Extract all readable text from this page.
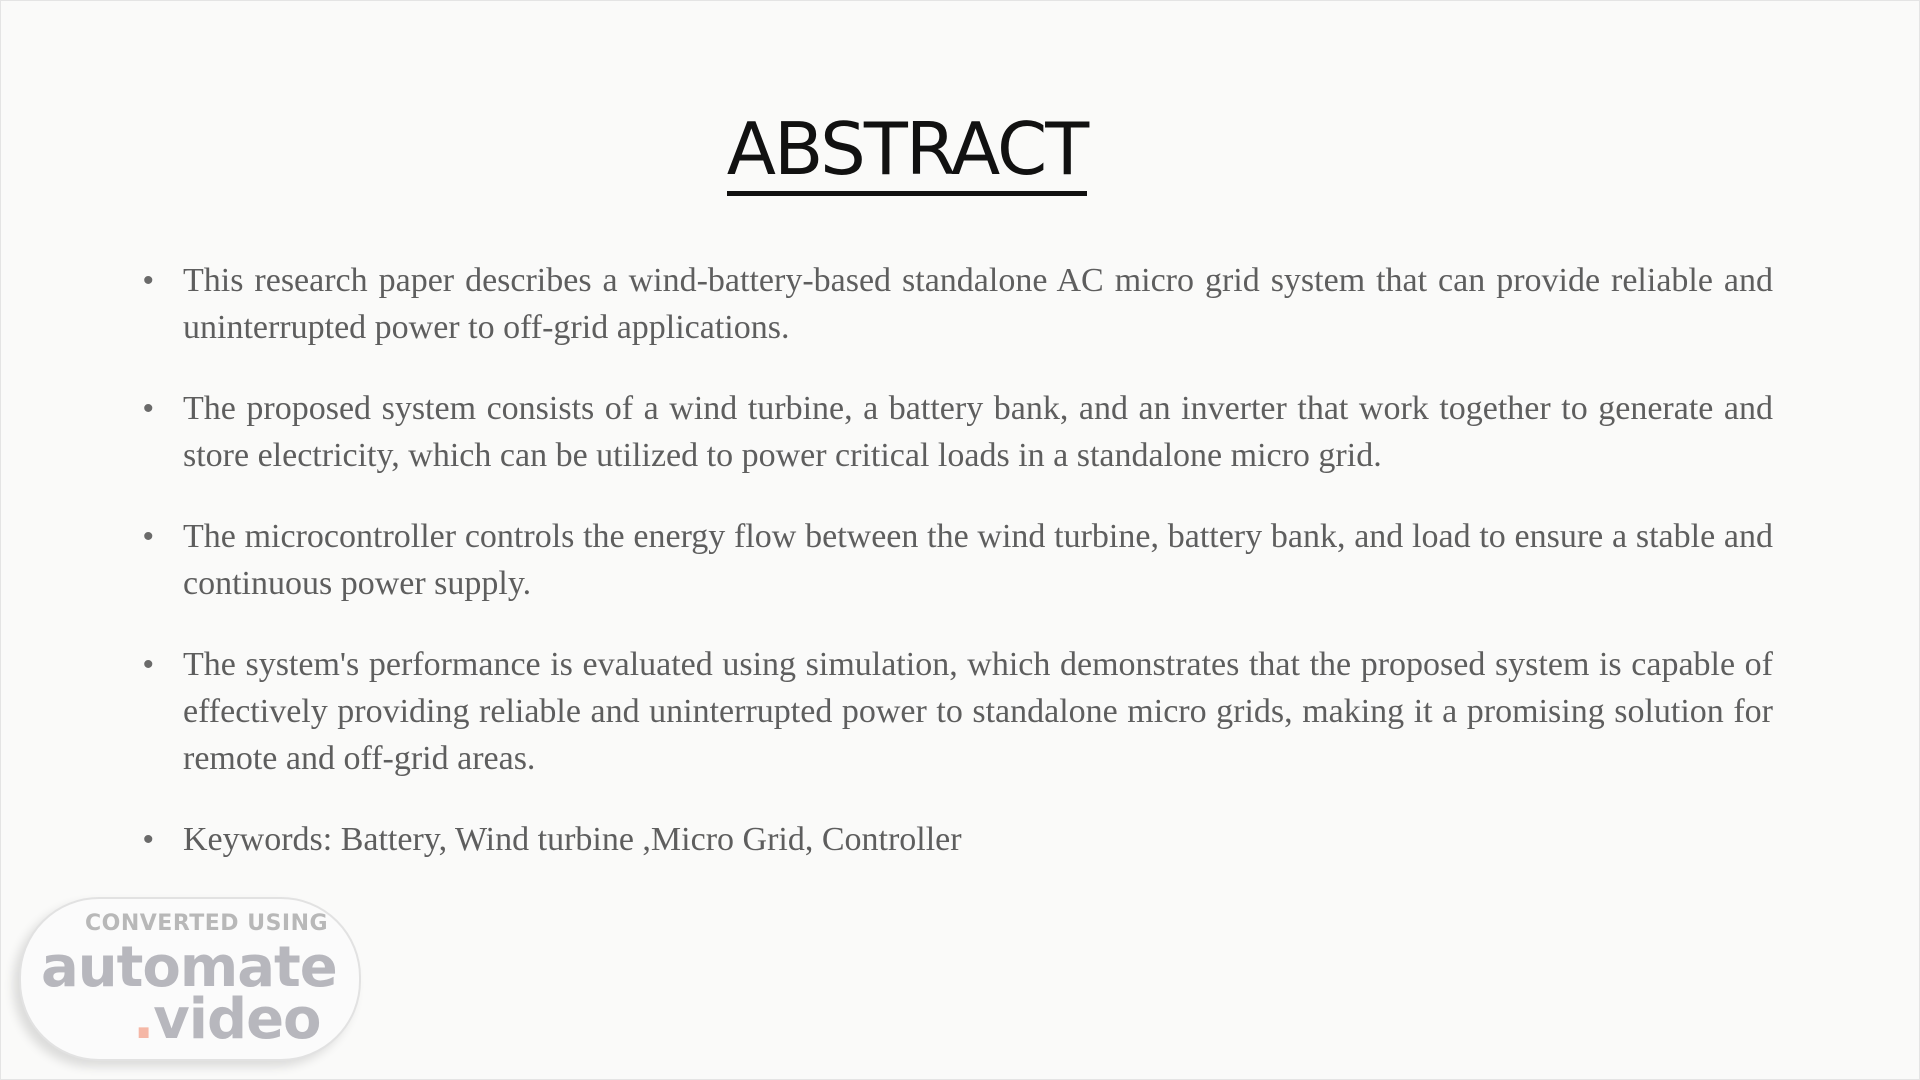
ABSTRACT
• This research paper describes a wind-battery-based standalone AC micro grid system that can provide reliable and uninterrupted power to off-grid applications.
• The proposed system consists of a wind turbine, a battery bank, and an inverter that work together to generate and store electricity, which can be utilized to power critical loads in a standalone micro grid.
• The microcontroller controls the energy flow between the wind turbine, battery bank, and load to ensure a stable and continuous power supply.
• The system's performance is evaluated using simulation, which demonstrates that the proposed system is capable of effectively providing reliable and uninterrupted power to standalone micro grids, making it a promising solution for remote and off-grid areas.
• Keywords: Battery, Wind turbine ,Micro Grid, Controller
CONVERTED USING
automate
.video
